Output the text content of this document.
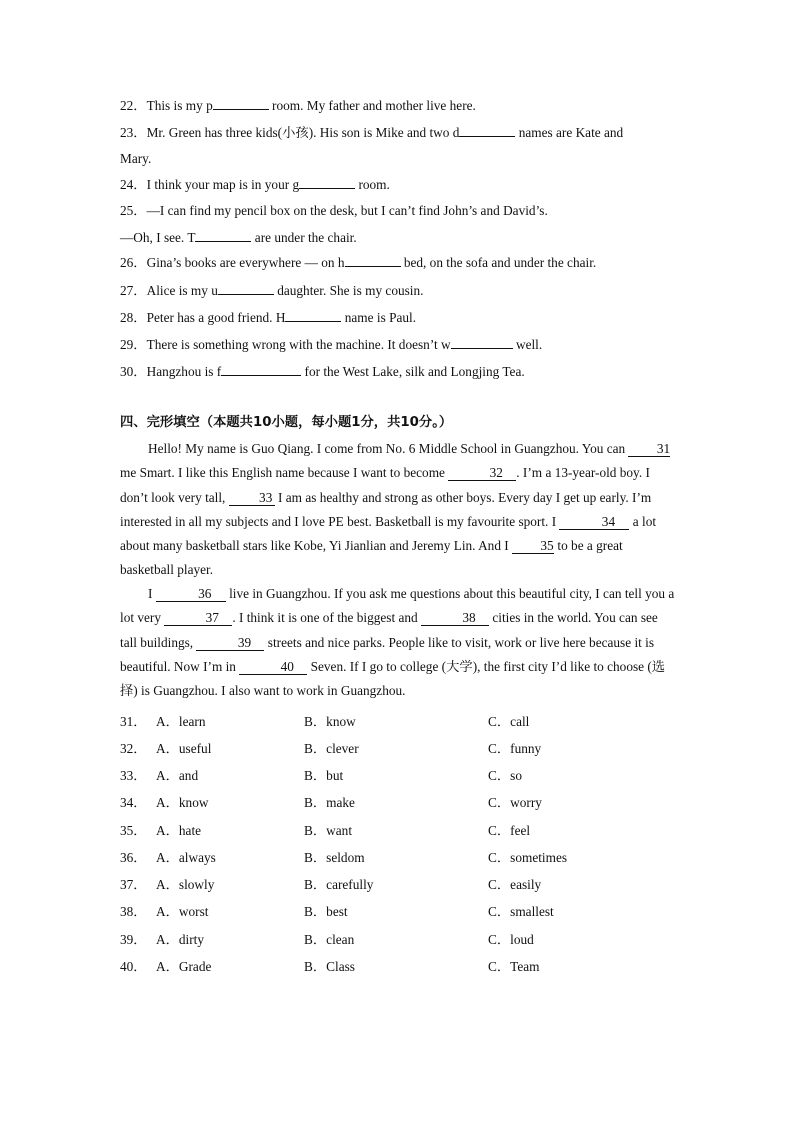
22．This is my p	room. My father and mother live here.
23．Mr. Green has three kids(小孩). His son is Mike and two d	names are Kate and
Mary.
24．I think your map is in your g	room.
25．—I can find my pencil box on the desk, but I can’t find John’s and David’s.
—Oh, I see. T	are under the chair.
26．Gina’s books are everywhere — on h	bed, on the sofa and under the chair.
27．Alice is my u	daughter. She is my cousin.
28．Peter has a good friend. H	name is Paul.
29．There is something wrong with the machine. It doesn’t w	well.
30．Hangzhou is f	for the West Lake, silk and Longjing Tea.
四、完形填空（本题共10小题，每小题1分，共10分。）
Hello! My name is Guo Qiang. I come from No. 6 Middle School in Guangzhou. You can 31 me Smart. I like this English name because I want to become	32 . I’m a 13-year-old boy. I don’t look very tall, 33 I am as healthy and strong as other boys. Every day I get up early. I’m interested in all my subjects and I love PE best. Basketball is my favourite sport. I	34 a lot about many basketball stars like Kobe, Yi Jianlian and Jeremy Lin. And I 35 to be a great basketball player.
I	36 live in Guangzhou. If you ask me questions about this beautiful city, I can tell you a lot very	37 . I think it is one of the biggest and	38 cities in the world. You can see tall buildings,	39 streets and nice parks. People like to visit, work or live here because it is beautiful. Now I’m in	40 Seven. If I go to college (大学), the first city I’d like to choose (选择) is Guangzhou. I also want to work in Guangzhou.
31． A．learn	B．know	C．call
32． A．useful	B．clever	C．funny
33． A．and	B．but	C．so
34． A．know	B．make	C．worry
35． A．hate	B．want	C．feel
36． A．always	B．seldom	C．sometimes
37． A．slowly	B．carefully	C．easily
38． A．worst	B．best	C．smallest
39． A．dirty	B．clean	C．loud
40． A．Grade	B．Class	C．Team
